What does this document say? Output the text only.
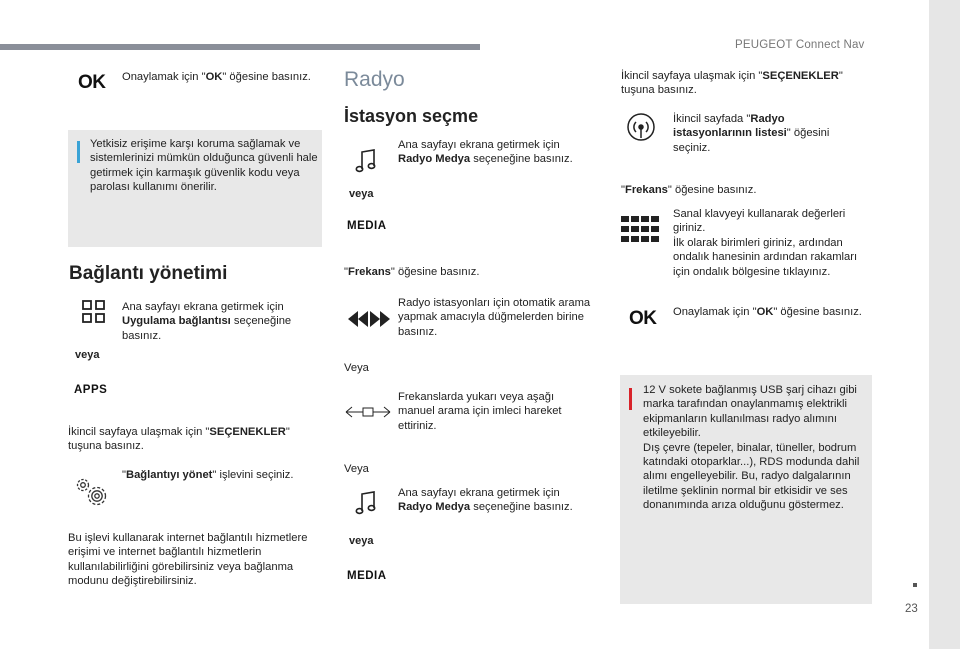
PEUGEOT Connect Nav
23
OK Onaylamak için "OK" öğesine basınız.
Yetkisiz erişime karşı koruma sağlamak ve sistemlerinizi mümkün olduğunca güvenli hale getirmek için karmaşık güvenlik kodu veya parolası kullanımı önerilir.
Bağlantı yönetimi
Ana sayfayı ekrana getirmek için Uygulama bağlantısı seçeneğine basınız.
veya
APPS
İkincil sayfaya ulaşmak için "SEÇENEKLER" tuşuna basınız.
"Bağlantıyı yönet" işlevini seçiniz.
Bu işlevi kullanarak internet bağlantılı hizmetlere erişimi ve internet bağlantılı hizmetlerin kullanılabilirliğini görebilirsiniz veya bağlanma modunu değiştirebilirsiniz.
Radyo
İstasyon seçme
Ana sayfayı ekrana getirmek için Radyo Medya seçeneğine basınız.
veya
MEDIA
"Frekans" öğesine basınız.
Radyo istasyonları için otomatik arama yapmak amacıyla düğmelerden birine basınız.
Veya
Frekanslarda yukarı veya aşağı manuel arama için imleci hareket ettiriniz.
Veya
Ana sayfayı ekrana getirmek için Radyo Medya seçeneğine basınız.
veya
MEDIA
İkincil sayfaya ulaşmak için "SEÇENEKLER" tuşuna basınız.
İkincil sayfada "Radyo istasyonlarının listesi" öğesini seçiniz.
"Frekans" öğesine basınız.
Sanal klavyeyi kullanarak değerleri giriniz.
İlk olarak birimleri giriniz, ardından ondalık hanesinin ardından rakamları için ondalık bölgesine tıklayınız.
OK Onaylamak için "OK" öğesine basınız.
12 V sokete bağlanmış USB şarj cihazı gibi marka tarafından onaylanmamış elektrikli ekipmanların kullanılması radyo alımını etkileyebilir.
Dış çevre (tepeler, binalar, tüneller, bodrum katındaki otoparklar...), RDS modunda dahil alımı engelleyebilir. Bu, radyo dalgalarının iletilme şeklinin normal bir etkisidir ve ses donanımında arıza olduğunu göstermez.
